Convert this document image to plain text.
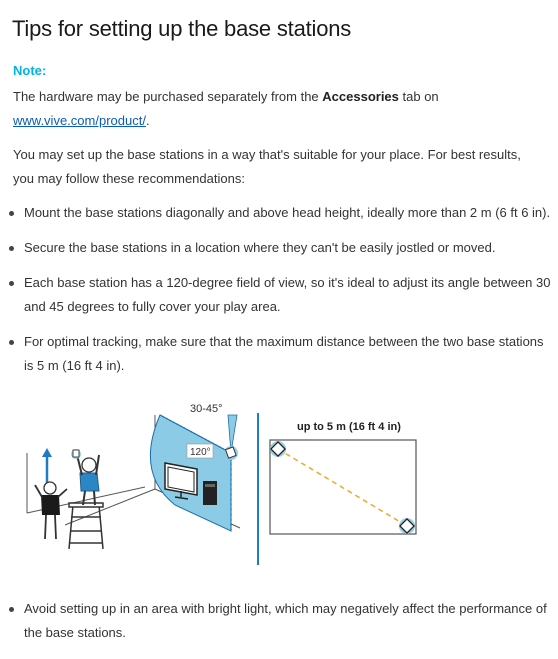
Tips for setting up the base stations

Note:

The hardware may be purchased separately from the Accessories tab on
www.vive.com/product/.

You may set up the base stations in a way that's suitable for your place. For best results, you may follow these recommendations:

Mount the base stations diagonally and above head height, ideally more than 2 m (6 ft 6 in).
Secure the base stations in a location where they can't be easily jostled or moved.
Each base station has a 120-degree field of view, so it's ideal to adjust its angle between 30 and 45 degrees to fully cover your play area.
For optimal tracking, make sure that the maximum distance between the two base stations is 5 m (16 ft 4 in).
Avoid setting up in an area with bright light, which may negatively affect the performance of the base stations.
30-45°
120°
up to 5 m (16 ft 4 in)
